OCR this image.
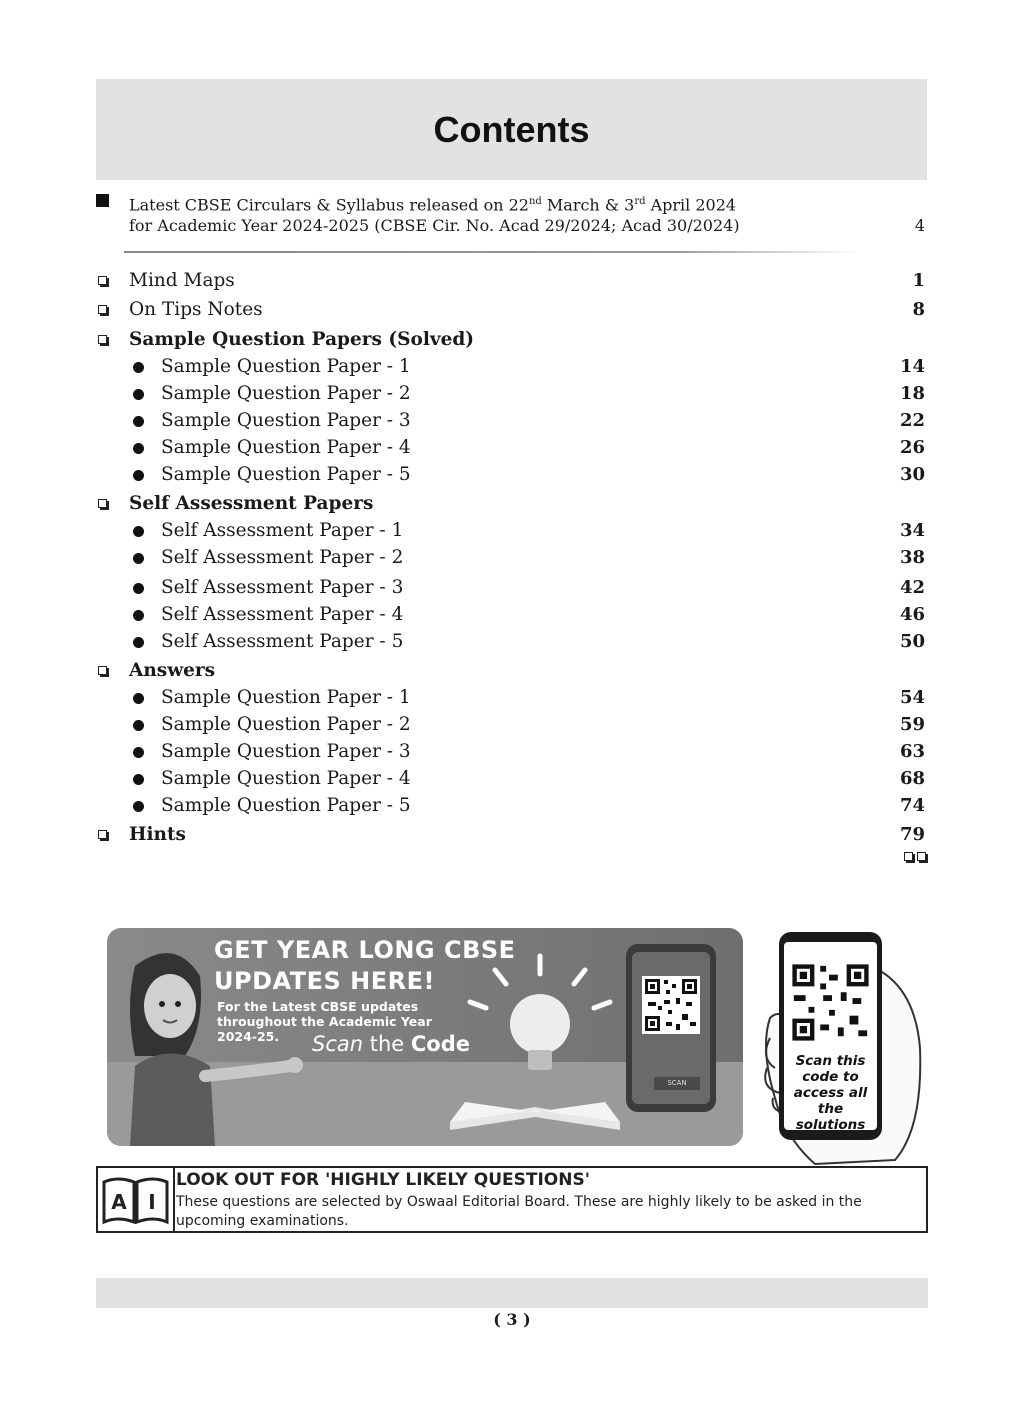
Contents
Latest CBSE Circulars & Syllabus released on 22nd March & 3rd April 2024
for Academic Year 2024-2025 (CBSE Cir. No. Acad 29/2024; Acad 30/2024)	4
Mind Maps	1
On Tips Notes	8
Sample Question Papers (Solved)
Sample Question Paper - 1	14
Sample Question Paper - 2	18
Sample Question Paper - 3	22
Sample Question Paper - 4	26
Sample Question Paper - 5	30
Self Assessment Papers
Self Assessment Paper - 1	34
Self Assessment Paper - 2	38
Self Assessment Paper - 3	42
Self Assessment Paper - 4	46
Self Assessment Paper - 5	50
Answers
Sample Question Paper - 1	54
Sample Question Paper - 2	59
Sample Question Paper - 3	63
Sample Question Paper - 4	68
Sample Question Paper - 5	74
Hints	79
GET YEAR LONG CBSE UPDATES HERE!
For the Latest CBSE updates throughout the Academic Year 2024-25.	Scan the Code
SCAN
Scan this code to access all the solutions
A I
LOOK OUT FOR 'HIGHLY LIKELY QUESTIONS'
These questions are selected by Oswaal Editorial Board. These are highly likely to be asked in the upcoming examinations.
( 3 )
